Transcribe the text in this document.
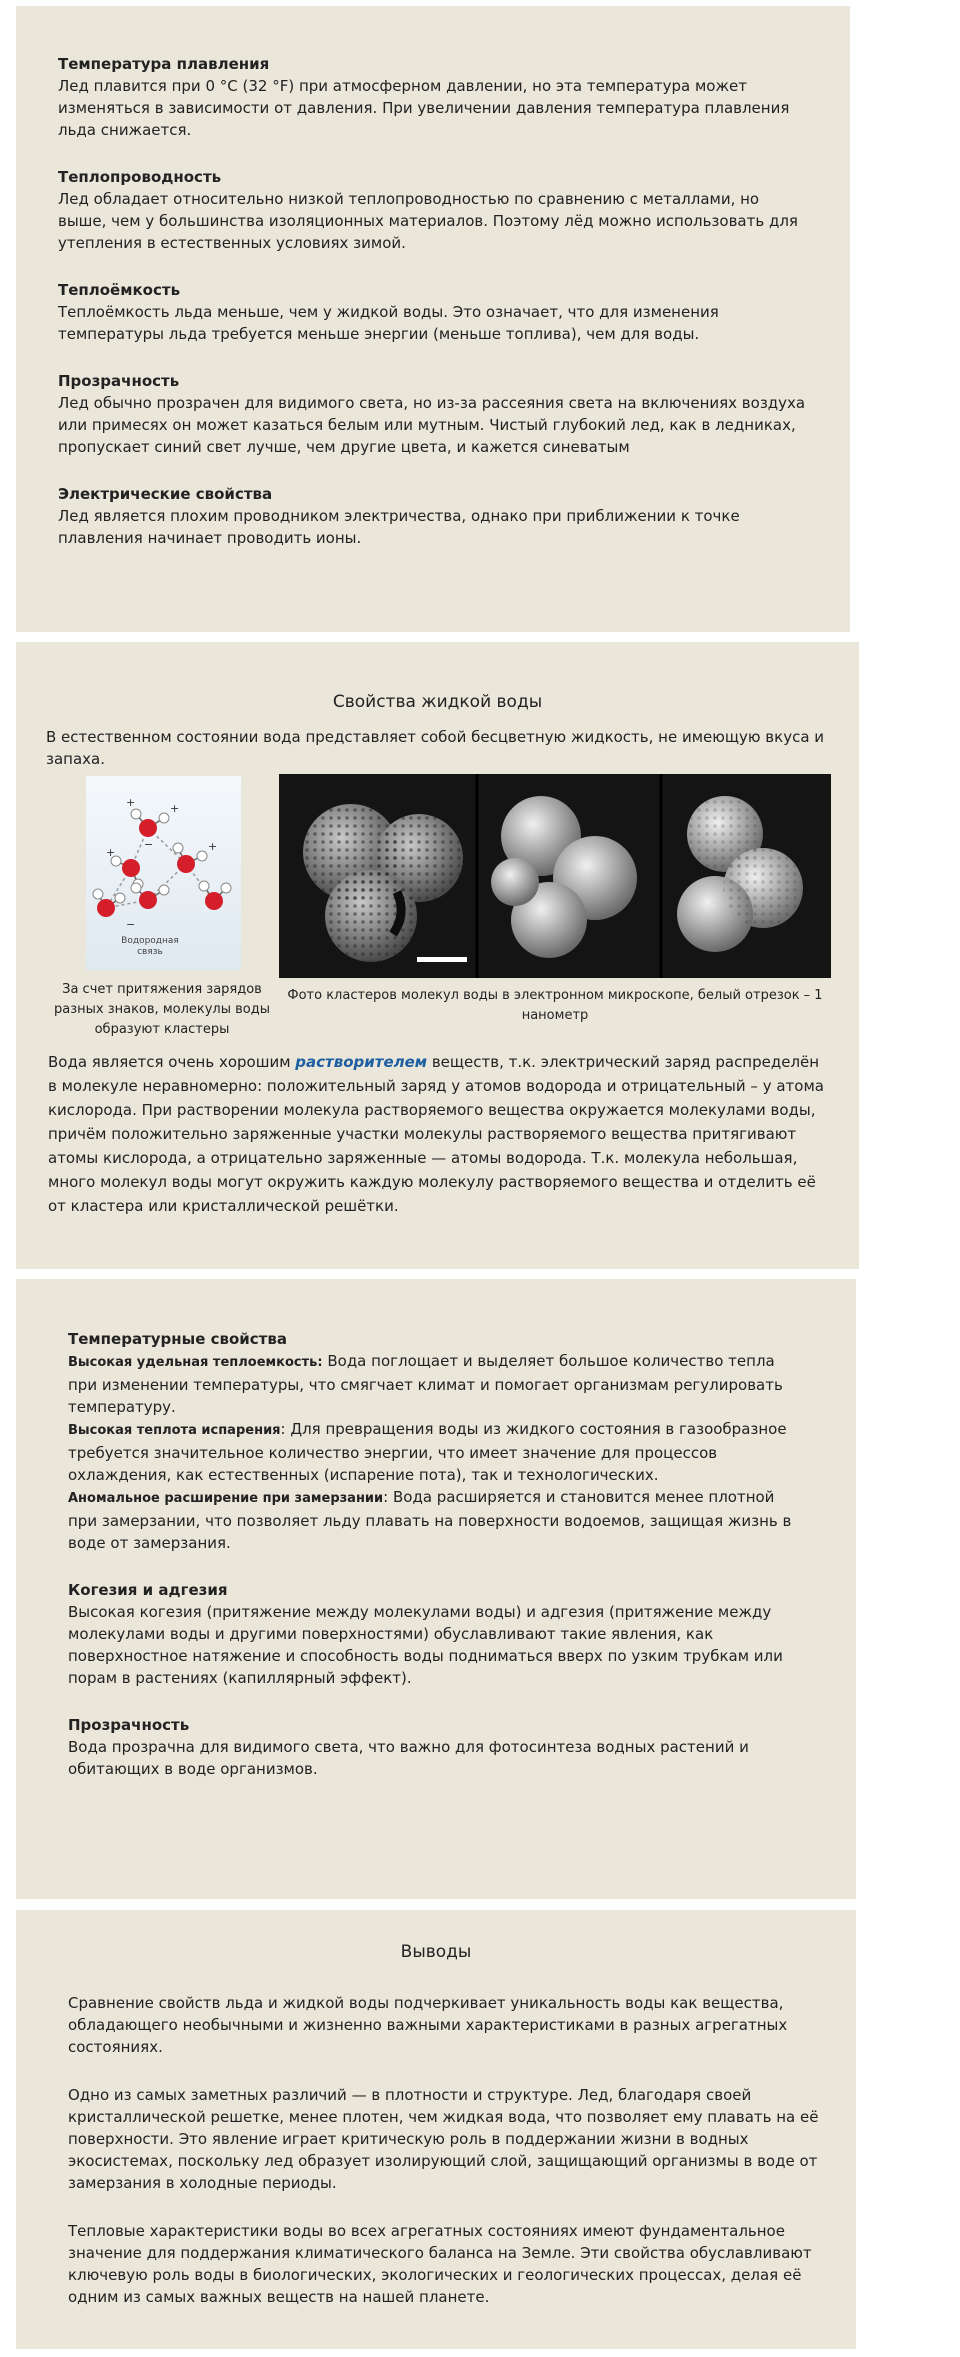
Температура плавления
Лед плавится при 0 °C (32 °F) при атмосферном давлении, но эта температура может изменяться в зависимости от давления. При увеличении давления температура плавления льда снижается.
Теплопроводность
Лед обладает относительно низкой теплопроводностью по сравнению с металлами, но выше, чем у большинства изоляционных материалов. Поэтому лёд можно использовать для утепления в естественных условиях зимой.
Теплоёмкость
Теплоёмкость льда меньше, чем у жидкой воды. Это означает, что для изменения температуры льда требуется меньше энергии (меньше топлива), чем для воды.
Прозрачность
Лед обычно прозрачен для видимого света, но из-за рассеяния света на включениях воздуха или примесях он может казаться белым или мутным. Чистый глубокий лед, как в ледниках, пропускает синий свет лучше, чем другие цвета, и кажется синеватым
Электрические свойства
Лед является плохим проводником электричества, однако при приближении к точке плавления начинает проводить ионы.
Свойства жидкой воды
В естественном состоянии вода представляет собой бесцветную жидкость, не имеющую вкуса и запаха.
+	+
+	+
−
−
Водородная связь
За счет притяжения зарядов разных знаков, молекулы воды образуют кластеры
Фото кластеров молекул воды в электронном микроскопе, белый отрезок – 1 нанометр
Вода является очень хорошим растворителем веществ, т.к. электрический заряд распределён в молекуле неравномерно: положительный заряд у атомов водорода и отрицательный – у атома кислорода. При растворении молекула растворяемого вещества окружается молекулами воды, причём положительно заряженные участки молекулы растворяемого вещества притягивают атомы кислорода, а отрицательно заряженные — атомы водорода. Т.к. молекула небольшая, много молекул воды могут окружить каждую молекулу растворяемого вещества и отделить её от кластера или кристаллической решётки.
Температурные свойства
Высокая удельная теплоемкость: Вода поглощает и выделяет большое количество тепла при изменении температуры, что смягчает климат и помогает организмам регулировать температуру.
Высокая теплота испарения: Для превращения воды из жидкого состояния в газообразное требуется значительное количество энергии, что имеет значение для процессов охлаждения, как естественных (испарение пота), так и технологических.
Аномальное расширение при замерзании: Вода расширяется и становится менее плотной при замерзании, что позволяет льду плавать на поверхности водоемов, защищая жизнь в воде от замерзания.
Когезия и адгезия
Высокая когезия (притяжение между молекулами воды) и адгезия (притяжение между молекулами воды и другими поверхностями) обуславливают такие явления, как поверхностное натяжение и способность воды подниматься вверх по узким трубкам или порам в растениях (капиллярный эффект).
Прозрачность
Вода прозрачна для видимого света, что важно для фотосинтеза водных растений и обитающих в воде организмов.
Выводы

Сравнение свойств льда и жидкой воды подчеркивает уникальность воды как вещества, обладающего необычными и жизненно важными характеристиками в разных агрегатных состояниях.

Одно из самых заметных различий — в плотности и структуре. Лед, благодаря своей кристаллической решетке, менее плотен, чем жидкая вода, что позволяет ему плавать на её поверхности. Это явление играет критическую роль в поддержании жизни в водных экосистемах, поскольку лед образует изолирующий слой, защищающий организмы в воде от замерзания в холодные периоды.

Тепловые характеристики воды во всех агрегатных состояниях имеют фундаментальное значение для поддержания климатического баланса на Земле. Эти свойства обуславливают ключевую роль воды в биологических, экологических и геологических процессах, делая её одним из самых важных веществ на нашей планете.
